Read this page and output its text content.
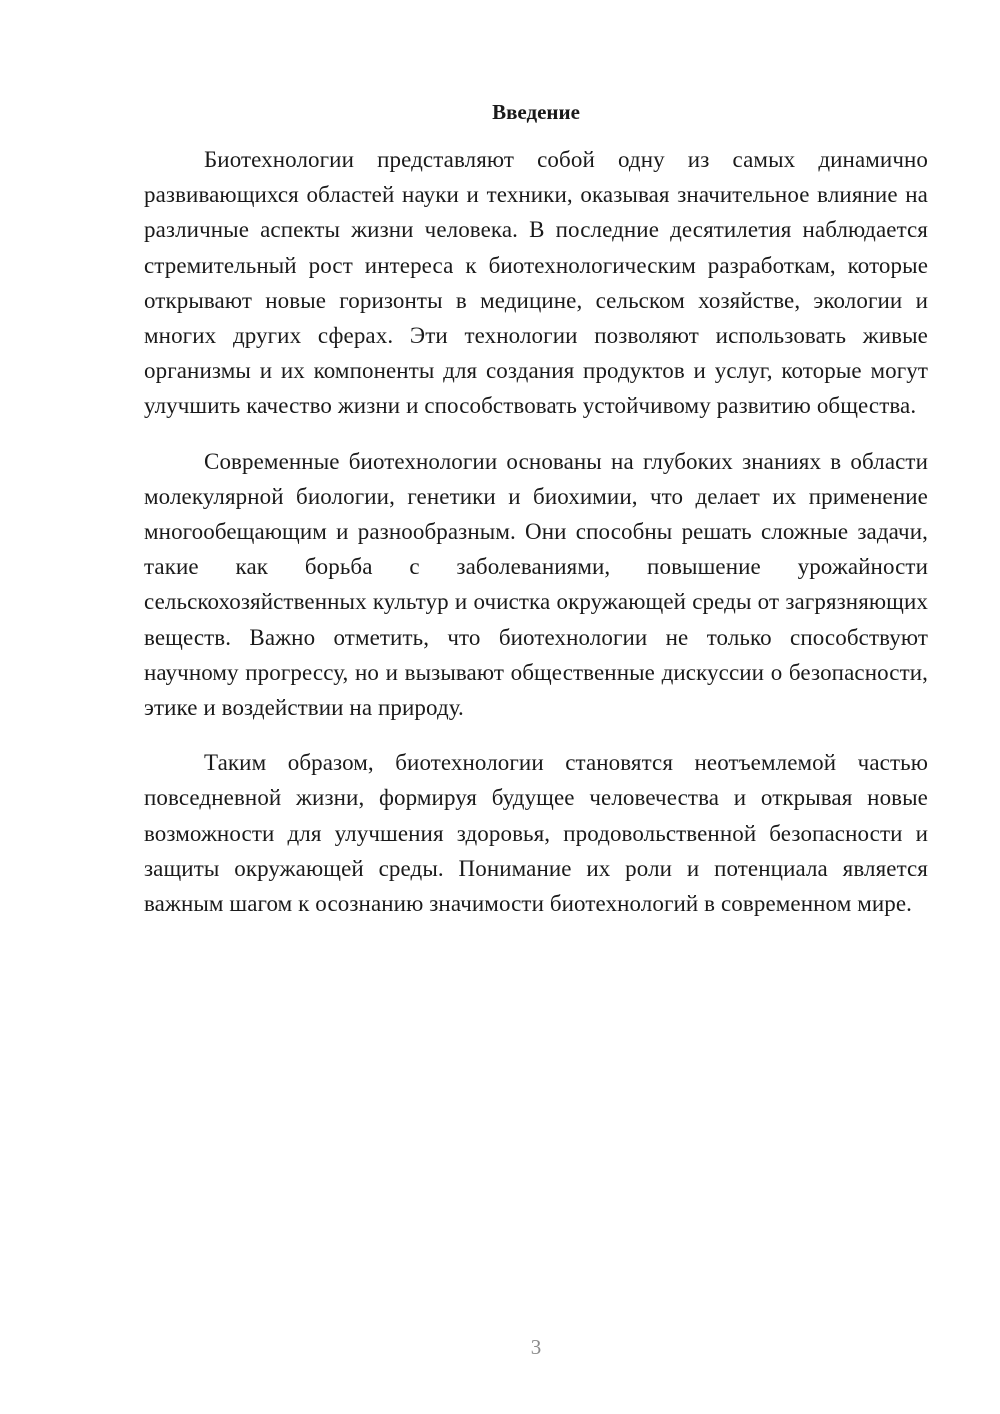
Введение

Биотехнологии представляют собой одну из самых динамично развивающихся областей науки и техники, оказывая значительное влияние на различные аспекты жизни человека. В последние десятилетия наблюдается стремительный рост интереса к биотехнологическим разработкам, которые открывают новые горизонты в медицине, сельском хозяйстве, экологии и многих других сферах. Эти технологии позволяют использовать живые организмы и их компоненты для создания продуктов и услуг, которые могут улучшить качество жизни и способствовать устойчивому развитию общества.

Современные биотехнологии основаны на глубоких знаниях в области молекулярной биологии, генетики и биохимии, что делает их применение многообещающим и разнообразным. Они способны решать сложные задачи, такие как борьба с заболеваниями, повышение урожайности сельскохозяйственных культур и очистка окружающей среды от загрязняющих веществ. Важно отметить, что биотехнологии не только способствуют научному прогрессу, но и вызывают общественные дискуссии о безопасности, этике и воздействии на природу.

Таким образом, биотехнологии становятся неотъемлемой частью повседневной жизни, формируя будущее человечества и открывая новые возможности для улучшения здоровья, продовольственной безопасности и защиты окружающей среды. Понимание их роли и потенциала является важным шагом к осознанию значимости биотехнологий в современном мире.

3
